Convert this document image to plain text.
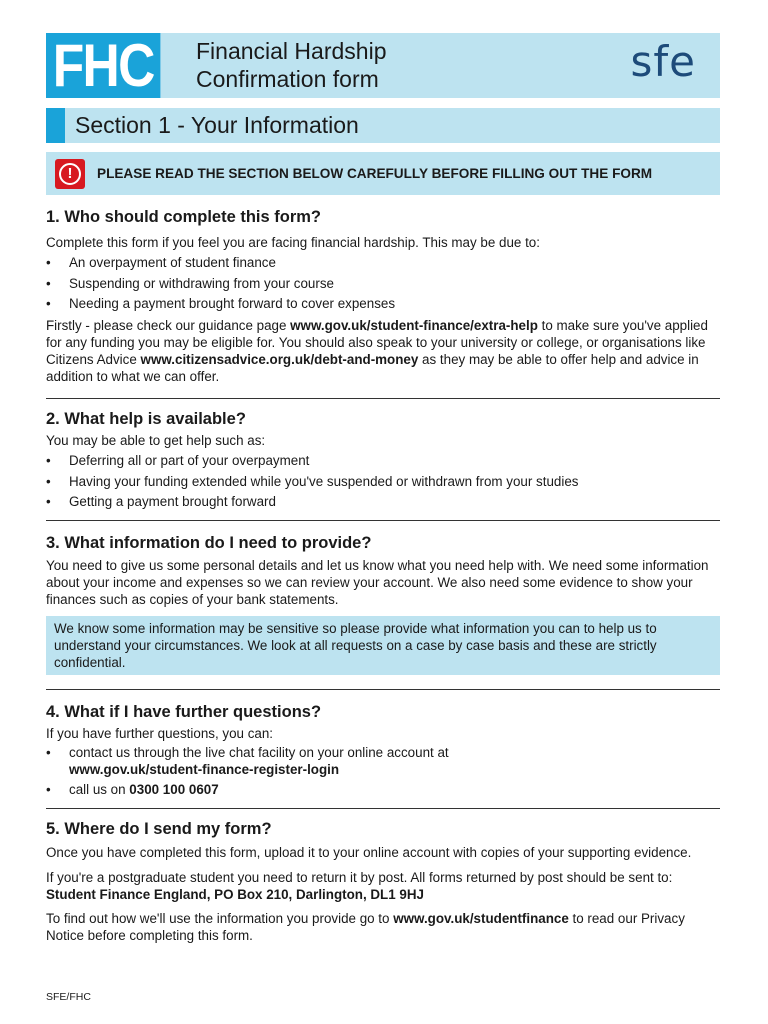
FHC Financial Hardship
Confirmation form	sfe
Section 1 - Your Information
!	PLEASE READ THE SECTION BELOW CAREFULLY BEFORE FILLING OUT THE FORM
1. Who should complete this form?

Complete this form if you feel you are facing financial hardship. This may be due to:

• An overpayment of student finance
• Suspending or withdrawing from your course
• Needing a payment brought forward to cover expenses

Firstly - please check our guidance page www.gov.uk/student-finance/extra-help to make sure you've applied for any funding you may be eligible for. You should also speak to your university or college, or organisations like Citizens Advice www.citizensadvice.org.uk/debt-and-money as they may be able to offer help and advice in addition to what we can offer.

2. What help is available?

You may be able to get help such as:

• Deferring all or part of your overpayment
• Having your funding extended while you've suspended or withdrawn from your studies
• Getting a payment brought forward
3. What information do I need to provide?

You need to give us some personal details and let us know what you need help with. We need some information about your income and expenses so we can review your account. We also need some evidence to show your finances such as copies of your bank statements.

We know some information may be sensitive so please provide what information you can to help us to understand your circumstances. We look at all requests on a case by case basis and these are strictly confidential.
4. What if I have further questions?

If you have further questions, you can:

• contact us through the live chat facility on your online account at
www.gov.uk/student-finance-register-login
• call us on 0300 100 0607
5. Where do I send my form?

Once you have completed this form, upload it to your online account with copies of your supporting evidence.

If you're a postgraduate student you need to return it by post. All forms returned by post should be sent to: Student Finance England, PO Box 210, Darlington, DL1 9HJ

To find out how we'll use the information you provide go to www.gov.uk/studentfinance to read our Privacy Notice before completing this form.

SFE/FHC
